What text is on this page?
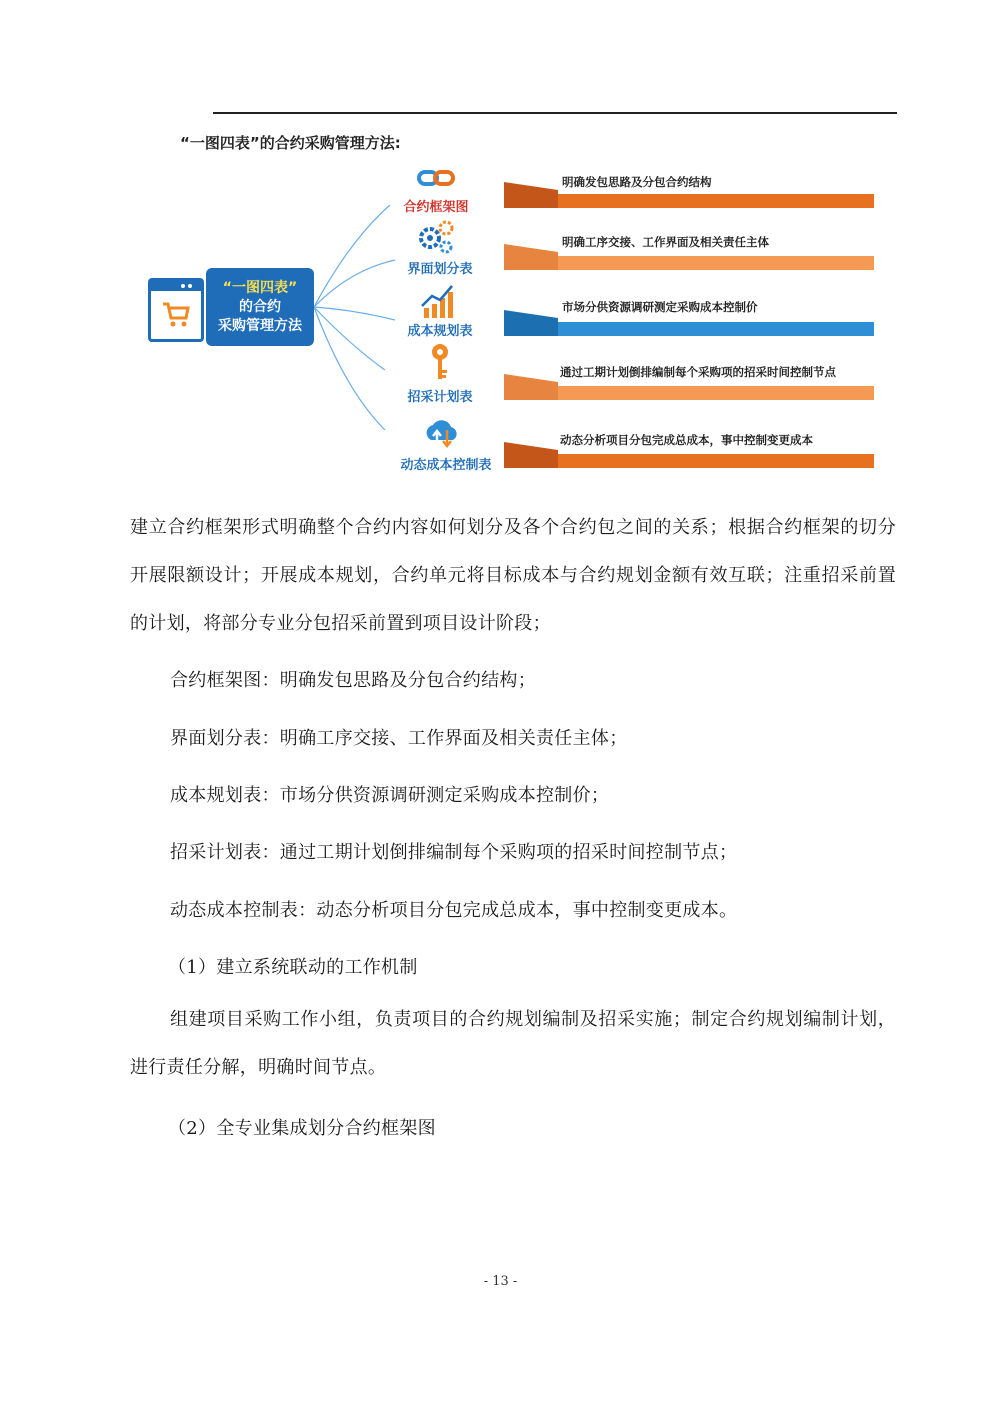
“一图四表”的合约采购管理方法:
“一图四表”
的合约
采购管理方法
合约框架图
明确发包思路及分包合约结构
界面划分表
明确工序交接、工作界面及相关责任主体
成本规划表
市场分供资源调研测定采购成本控制价
招采计划表
通过工期计划倒排编制每个采购项的招采时间控制节点
动态成本控制表
动态分析项目分包完成总成本，事中控制变更成本

建立合约框架形式明确整个合约内容如何划分及各个合约包之间的关系；根据合约框架的切分开展限额设计；开展成本规划，合约单元将目标成本与合约规划金额有效互联；注重招采前置的计划，将部分专业分包招采前置到项目设计阶段；

合约框架图：明确发包思路及分包合约结构；

界面划分表：明确工序交接、工作界面及相关责任主体；

成本规划表：市场分供资源调研测定采购成本控制价；

招采计划表：通过工期计划倒排编制每个采购项的招采时间控制节点；

动态成本控制表：动态分析项目分包完成总成本，事中控制变更成本。

（1）建立系统联动的工作机制

组建项目采购工作小组，负责项目的合约规划编制及招采实施；制定合约规划编制计划，进行责任分解，明确时间节点。

（2）全专业集成划分合约框架图

- 13 -
